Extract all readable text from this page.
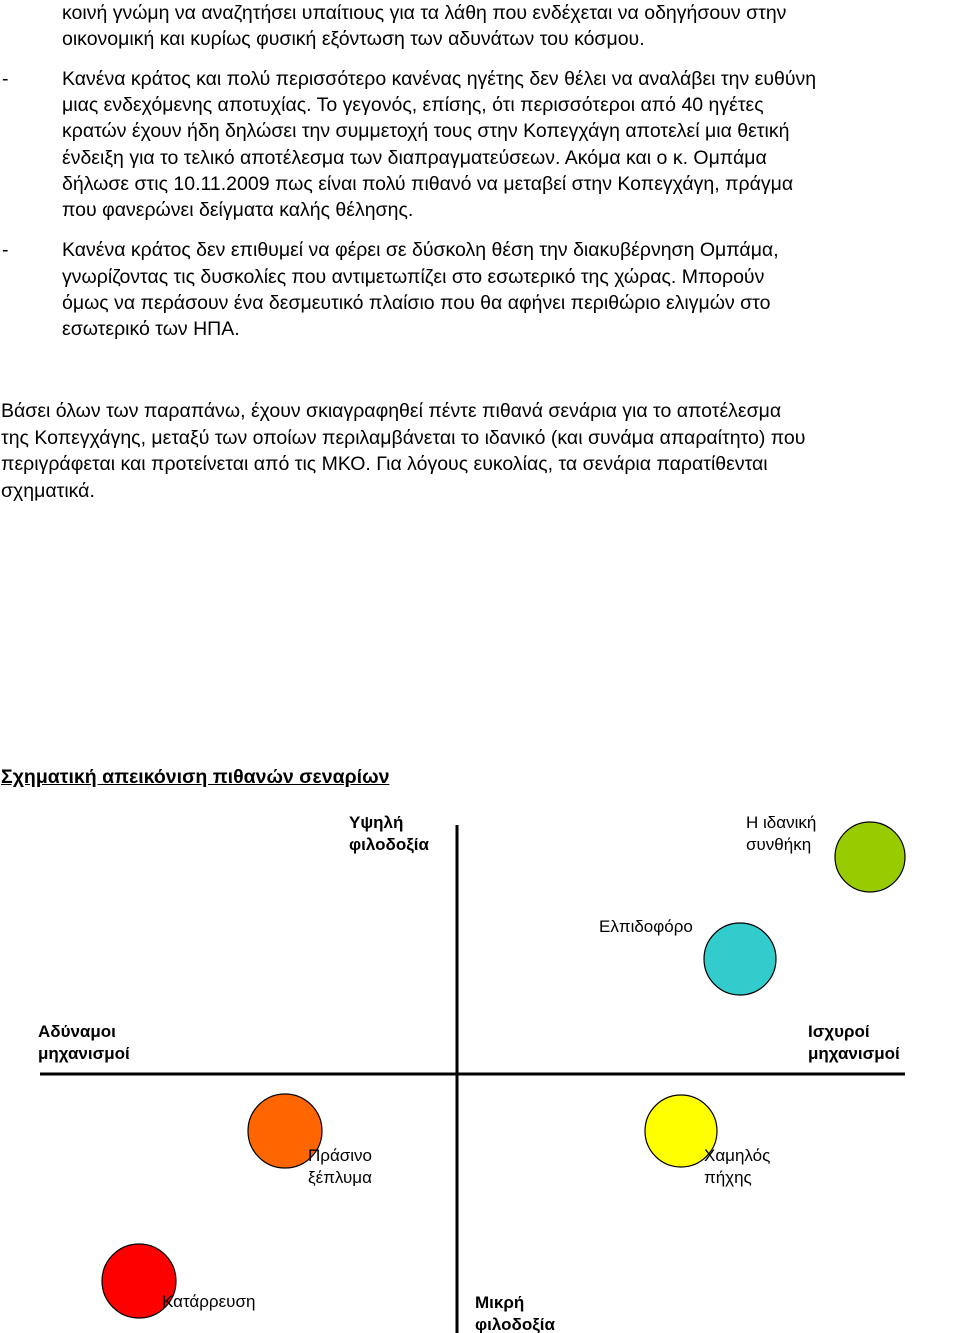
κοινή γνώμη να αναζητήσει υπαίτιους για τα λάθη που ενδέχεται να οδηγήσουν στην
οικονομική και κυρίως φυσική εξόντωση των αδυνάτων του κόσμου.
-	Κανένα κράτος και πολύ περισσότερο κανένας ηγέτης δεν θέλει να αναλάβει την ευθύνη
μιας ενδεχόμενης αποτυχίας. Το γεγονός, επίσης, ότι περισσότεροι από 40 ηγέτες
κρατών έχουν ήδη δηλώσει την συμμετοχή τους στην Κοπεγχάγη αποτελεί μια θετική
ένδειξη για το τελικό αποτέλεσμα των διαπραγματεύσεων. Ακόμα και ο κ. Ομπάμα
δήλωσε στις 10.11.2009 πως είναι πολύ πιθανό να μεταβεί στην Κοπεγχάγη, πράγμα
που φανερώνει δείγματα καλής θέλησης.
-	Κανένα κράτος δεν επιθυμεί να φέρει σε δύσκολη θέση την διακυβέρνηση Ομπάμα,
γνωρίζοντας τις δυσκολίες που αντιμετωπίζει στο εσωτερικό της χώρας. Μπορούν
όμως να περάσουν ένα δεσμευτικό πλαίσιο που θα αφήνει περιθώριο ελιγμών στο
εσωτερικό των ΗΠΑ.
Βάσει όλων των παραπάνω, έχουν σκιαγραφηθεί πέντε πιθανά σενάρια για το αποτέλεσμα
της Κοπεγχάγης, μεταξύ των οποίων περιλαμβάνεται το ιδανικό (και συνάμα απαραίτητο) που
περιγράφεται και προτείνεται από τις ΜΚΟ. Για λόγους ευκολίας, τα σενάρια παρατίθενται
σχηματικά.
Σχηματική απεικόνιση πιθανών σεναρίων
Υψηλή
φιλοδοξία
Αδύναμοι
μηχανισμοί
Ισχυροί
μηχανισμοί
Μικρή
φιλοδοξία
Η ιδανική
συνθήκη
Ελπιδοφόρο
Πράσινο
ξέπλυμα
Χαμηλός
πήχης
Κατάρρευση
